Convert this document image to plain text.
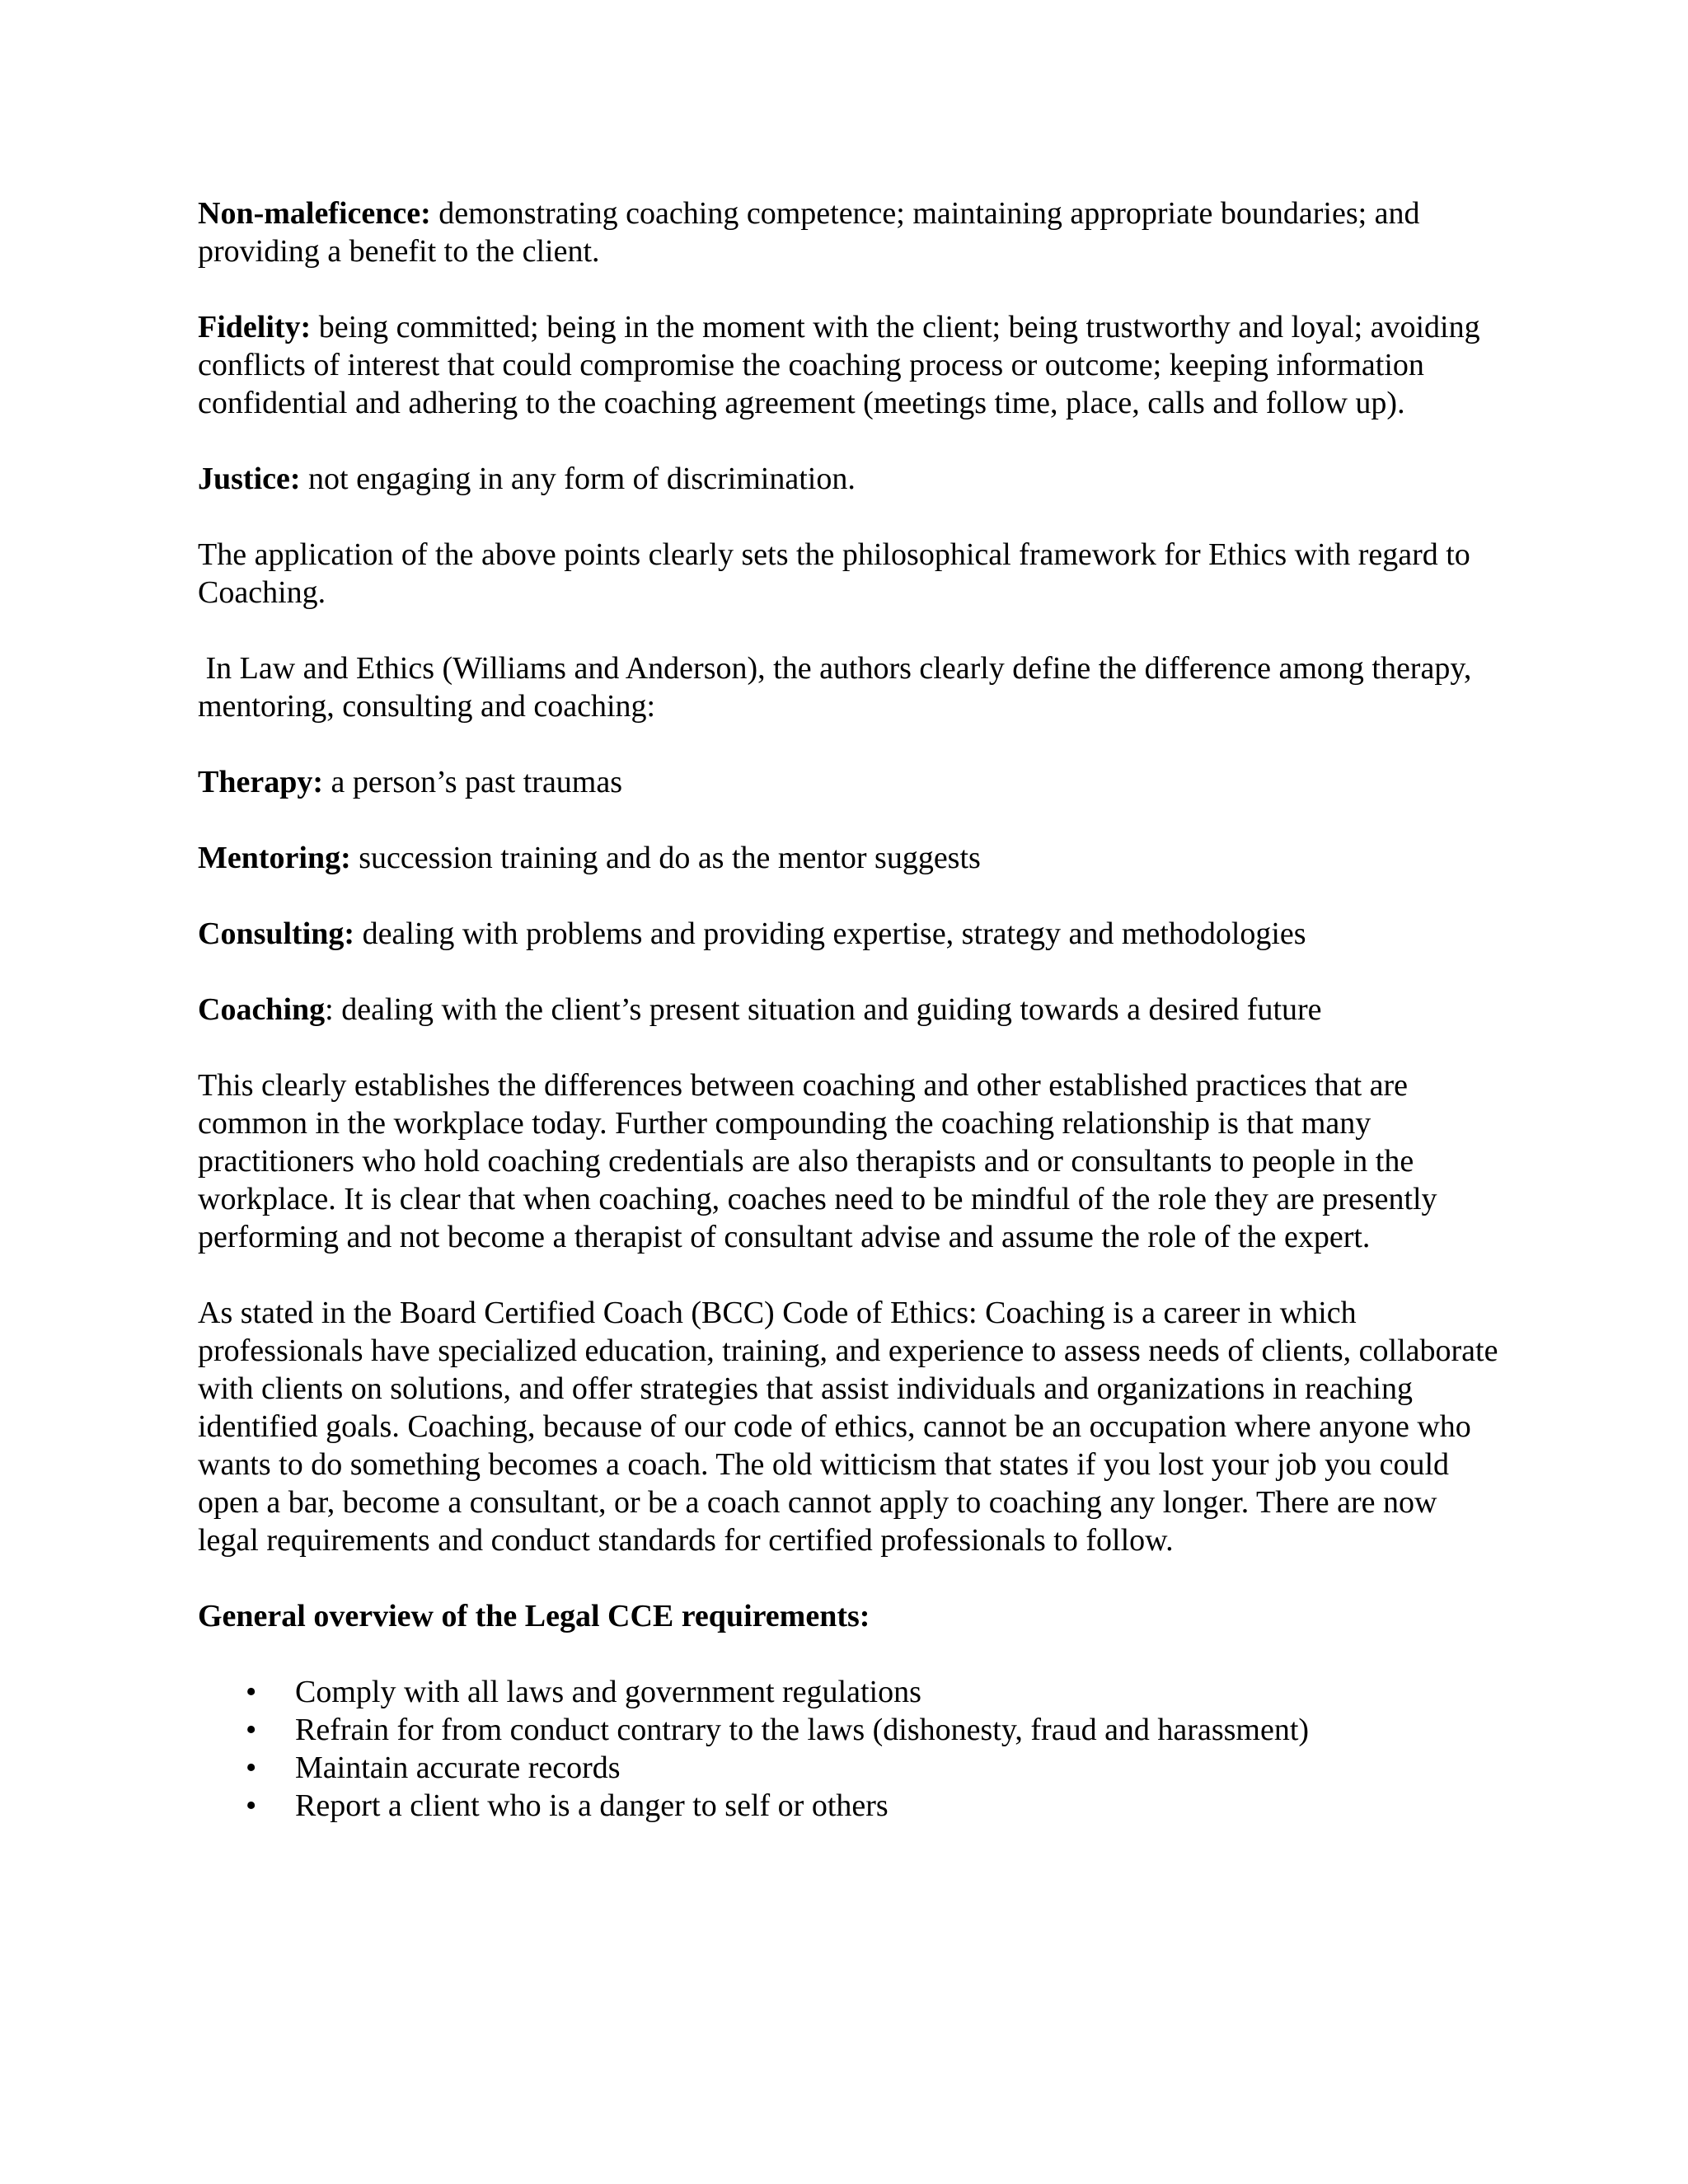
Non-maleficence: demonstrating coaching competence; maintaining appropriate boundaries; and providing a benefit to the client.

Fidelity: being committed; being in the moment with the client; being trustworthy and loyal; avoiding conflicts of interest that could compromise the coaching process or outcome; keeping information confidential and adhering to the coaching agreement (meetings time, place, calls and follow up).

Justice: not engaging in any form of discrimination.

The application of the above points clearly sets the philosophical framework for Ethics with regard to Coaching.

In Law and Ethics (Williams and Anderson), the authors clearly define the difference among therapy, mentoring, consulting and coaching:

Therapy: a person’s past traumas

Mentoring: succession training and do as the mentor suggests

Consulting: dealing with problems and providing expertise, strategy and methodologies

Coaching: dealing with the client’s present situation and guiding towards a desired future

This clearly establishes the differences between coaching and other established practices that are common in the workplace today. Further compounding the coaching relationship is that many practitioners who hold coaching credentials are also therapists and or consultants to people in the workplace. It is clear that when coaching, coaches need to be mindful of the role they are presently performing and not become a therapist of consultant advise and assume the role of the expert.

As stated in the Board Certified Coach (BCC) Code of Ethics: Coaching is a career in which professionals have specialized education, training, and experience to assess needs of clients, collaborate with clients on solutions, and offer strategies that assist individuals and organizations in reaching identified goals. Coaching, because of our code of ethics, cannot be an occupation where anyone who wants to do something becomes a coach. The old witticism that states if you lost your job you could open a bar, become a consultant, or be a coach cannot apply to coaching any longer. There are now legal requirements and conduct standards for certified professionals to follow.

General overview of the Legal CCE requirements:

• Comply with all laws and government regulations
• Refrain for from conduct contrary to the laws (dishonesty, fraud and harassment)
• Maintain accurate records
• Report a client who is a danger to self or others
